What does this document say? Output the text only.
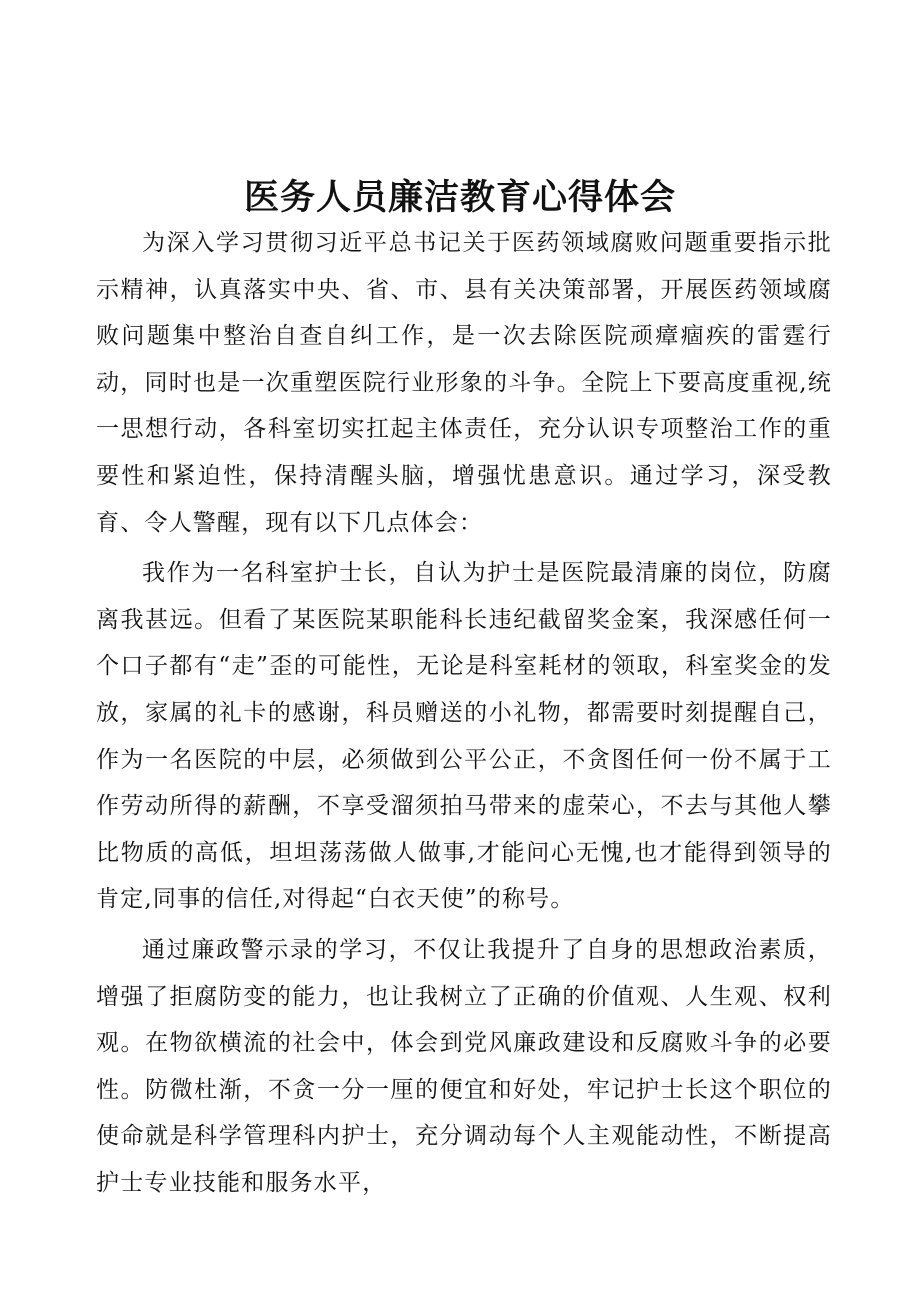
医务人员廉洁教育心得体会

为深入学习贯彻习近平总书记关于医药领域腐败问题重要指示批示精神，认真落实中央、省、市、县有关决策部署，开展医药领域腐败问题集中整治自查自纠工作，是一次去除医院顽瘴痼疾的雷霆行动，同时也是一次重塑医院行业形象的斗争。全院上下要高度重视,统一思想行动，各科室切实扛起主体责任，充分认识专项整治工作的重要性和紧迫性，保持清醒头脑，增强忧患意识。通过学习，深受教育、令人警醒，现有以下几点体会：

我作为一名科室护士长，自认为护士是医院最清廉的岗位，防腐离我甚远。但看了某医院某职能科长违纪截留奖金案，我深感任何一个口子都有“走”歪的可能性，无论是科室耗材的领取，科室奖金的发放，家属的礼卡的感谢，科员赠送的小礼物，都需要时刻提醒自己，作为一名医院的中层，必须做到公平公正，不贪图任何一份不属于工作劳动所得的薪酬，不享受溜须拍马带来的虚荣心，不去与其他人攀比物质的高低，坦坦荡荡做人做事,才能问心无愧,也才能得到领导的肯定,同事的信任,对得起“白衣天使”的称号。

通过廉政警示录的学习，不仅让我提升了自身的思想政治素质，增强了拒腐防变的能力，也让我树立了正确的价值观、人生观、权利观。在物欲横流的社会中，体会到党风廉政建设和反腐败斗争的必要性。防微杜渐，不贪一分一厘的便宜和好处，牢记护士长这个职位的使命就是科学管理科内护士，充分调动每个人主观能动性，不断提高护士专业技能和服务水平，
